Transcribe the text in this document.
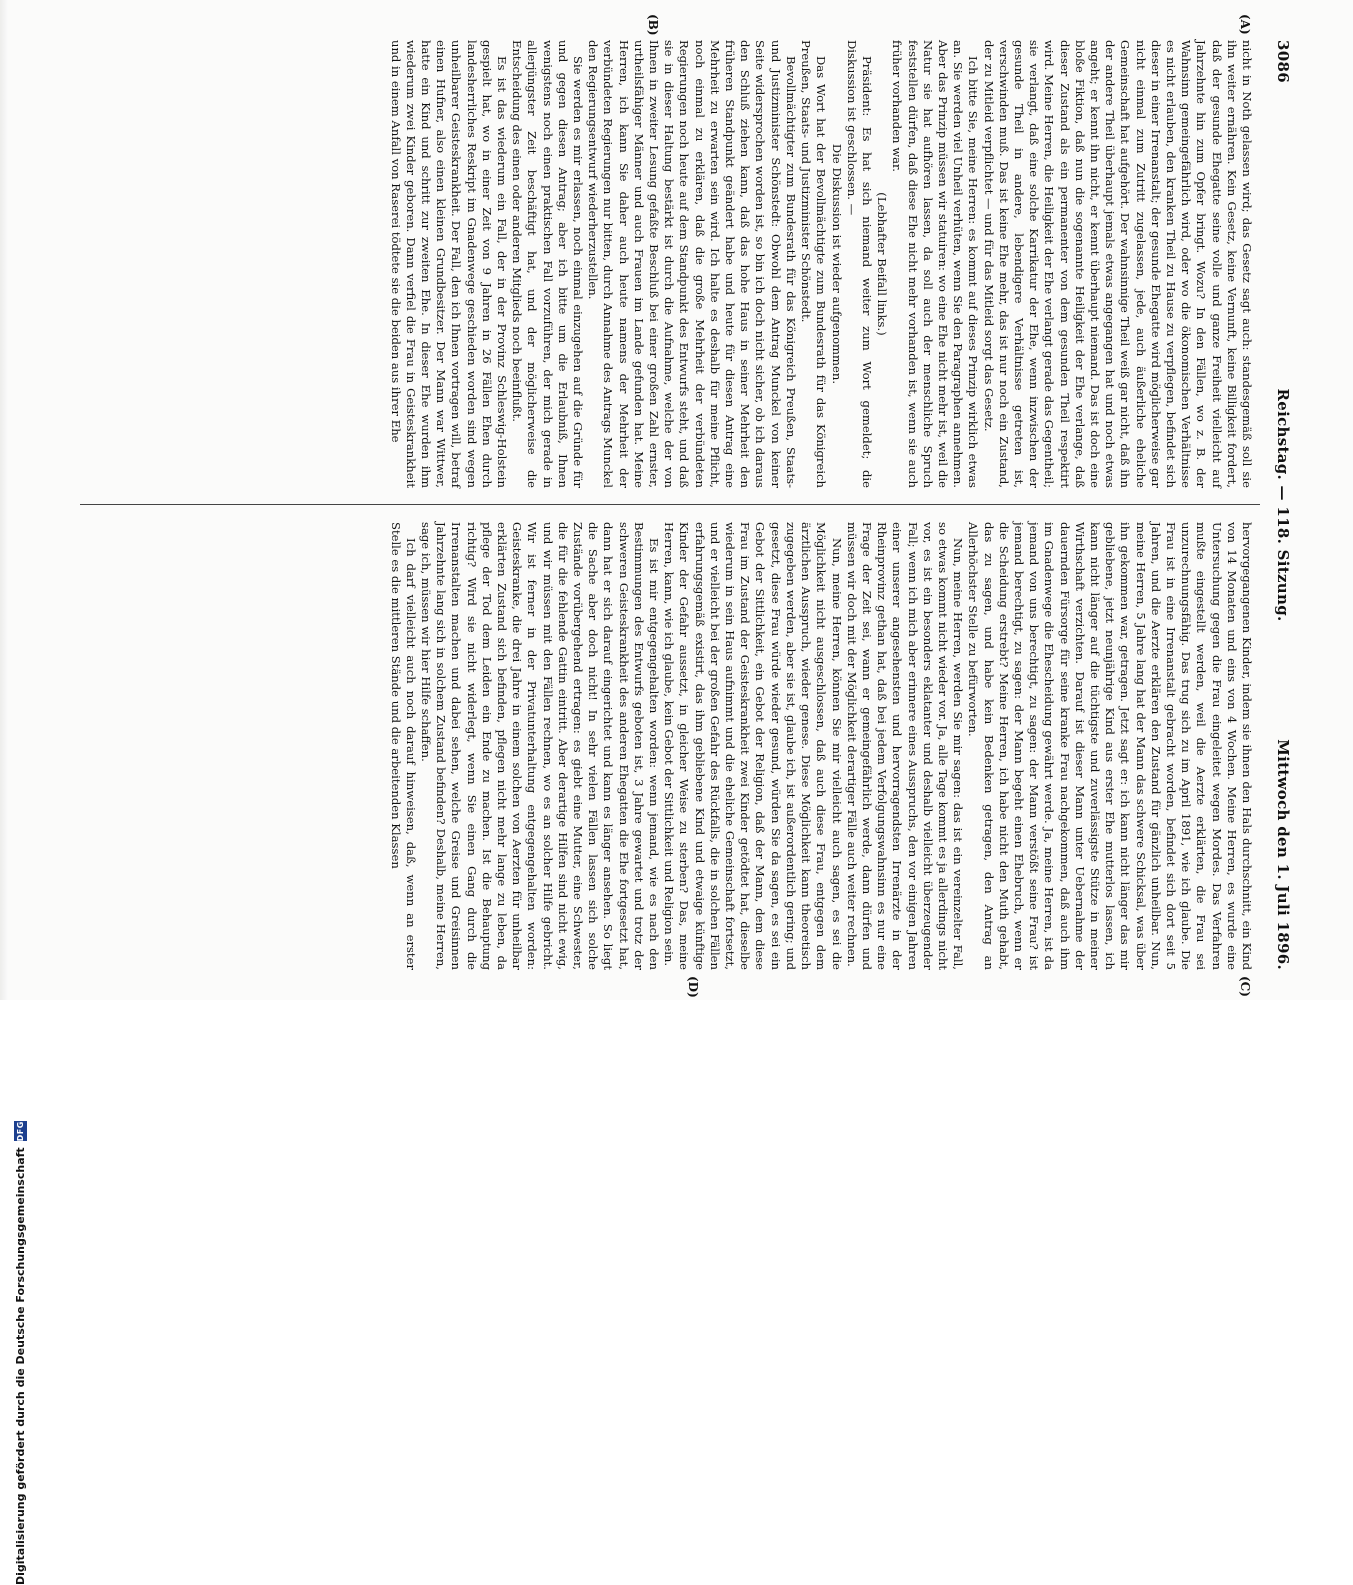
3086
Reichstag. — 118. Sitzung.
Mittwoch den 1. Juli 1896.
(A)
(B)
(C)
(D)

nicht in Noth gelassen wird; das Gesetz sagt auch: standesgemäß soll sie ihn weiter ernähren. Kein Gesetz, keine Vernunft, keine Billigkeit fordert, daß der gesunde Ehegatte seine volle und ganze Freiheit vielleicht auf Jahrzehnte hin zum Opfer bringt. Wozu? In den Fällen, wo z. B. der Wahnsinn gemeingefährlich wird, oder wo die ökonomischen Verhältnisse es nicht erlauben, den kranken Theil zu Hause zu verpflegen, befindet sich dieser in einer Irrenanstalt; der gesunde Ehegatte wird möglicherweise gar nicht einmal zum Zutritt zugelassen, jede, auch äußerliche eheliche Gemeinschaft hat aufgehört. Der wahnsinnige Theil weiß gar nicht, daß ihn der andere Theil überhaupt jemals etwas angegangen hat und noch etwas angeht; er kennt ihn nicht, er kennt überhaupt niemand. Das ist doch eine bloße Fiktion, daß nun die sogenannte Heiligkeit der Ehe verlange, daß dieser Zustand als ein permanenter von dem gesunden Theil respektirt wird. Meine Herren, die Heiligkeit der Ehe verlangt gerade das Gegentheil; sie verlangt, daß eine solche Karrikatur der Ehe, wenn inzwischen der gesunde Theil in andere, lebendigere Verhältnisse getreten ist, verschwinden muß. Das ist keine Ehe mehr, das ist nur noch ein Zustand, der zu Mitleid verpflichtet — und für das Mitleid sorgt das Gesetz.

Ich bitte Sie, meine Herren: es kommt auf dieses Prinzip wirklich etwas an. Sie werden viel Unheil verhüten, wenn Sie den Paragraphen annehmen. Aber das Prinzip müssen wir statuiren: wo eine Ehe nicht mehr ist, weil die Natur sie hat aufhören lassen, da soll auch der menschliche Spruch feststellen dürfen, daß diese Ehe nicht mehr vorhanden ist, wenn sie auch früher vorhanden war.

(Lebhafter Beifall links.)

Präsident: Es hat sich niemand weiter zum Wort gemeldet; die Diskussion ist geschlossen. —

Die Diskussion ist wieder aufgenommen.

Das Wort hat der Bevollmächtigte zum Bundesrath für das Königreich Preußen, Staats- und Justizminister Schönstedt.

Bevollmächtigter zum Bundesrath für das Königreich Preußen, Staats- und Justizminister Schönstedt: Obwohl dem Antrag Munckel von keiner Seite widersprochen worden ist, so bin ich doch nicht sicher, ob ich daraus den Schluß ziehen kann, daß das hohe Haus in seiner Mehrheit den früheren Standpunkt geändert habe und heute für diesen Antrag eine Mehrheit zu erwarten sein wird. Ich halte es deshalb für meine Pflicht, noch einmal zu erklären, daß die große Mehrheit der verbündeten Regierungen noch heute auf dem Standpunkt des Entwurfs steht, und daß sie in dieser Haltung bestärkt ist durch die Aufnahme, welche der von Ihnen in zweiter Lesung gefaßte Beschluß bei einer großen Zahl ernster, urtheilsfähiger Männer und auch Frauen im Lande gefunden hat. Meine Herren, ich kann Sie daher auch heute namens der Mehrheit der verbündeten Regierungen nur bitten, durch Annahme des Antrags Munckel den Regierungsentwurf wiederherzustellen.

Sie werden es mir erlassen, noch einmal einzugehen auf die Gründe für und gegen diesen Antrag; aber ich bitte um die Erlaubniß, Ihnen wenigstens noch einen praktischen Fall vorzuführen, der mich gerade in allerjüngster Zeit beschäftigt hat, und der möglicherweise die Entscheidung des einen oder anderen Mitglieds noch beeinflußt.

Es ist das wiederum ein Fall, der in der Provinz Schleswig-Holstein gespielt hat, wo in einer Zeit von 9 Jahren in 26 Fällen Ehen durch landesherrliches Reskript im Gnadenwege geschieden worden sind wegen unheilbarer Geisteskrankheit. Der Fall, den ich Ihnen vortragen will, betraf einen Hufner, also einen kleinen Grundbesitzer. Der Mann war Wittwer, hatte ein Kind und schritt zur zweiten Ehe. In dieser Ehe wurden ihm wiederum zwei Kinder geboren. Dann verfiel die Frau in Geisteskrankheit und in einem Anfall von Raserei tödtete sie die beiden aus ihrer Ehe

hervorgegangenen Kinder, indem sie ihnen den Hals durchschnitt, ein Kind von 14 Monaten und eins von 4 Wochen. Meine Herren, es wurde eine Untersuchung gegen die Frau eingeleitet wegen Mordes. Das Verfahren mußte eingestellt werden, weil die Aerzte erklärten, die Frau sei unzurechnungsfähig. Das trug sich zu im April 1891, wie ich glaube. Die Frau ist in eine Irrenanstalt gebracht worden, befindet sich dort seit 5 Jahren, und die Aerzte erklären den Zustand für gänzlich unheilbar. Nun, meine Herren, 5 Jahre lang hat der Mann das schwere Schicksal, was über ihn gekommen war, getragen. Jetzt sagt er: ich kann nicht länger das mir gebliebene, jetzt neunjährige Kind aus erster Ehe mutterlos lassen, ich kann nicht länger auf die tüchtigste und zuverlässigste Stütze in meiner Wirthschaft verzichten. Darauf ist dieser Mann unter Uebernahme der dauernden Fürsorge für seine kranke Frau nachgekommen, daß auch ihm im Gnadenwege die Ehescheidung gewährt werde. Ja, meine Herren, ist da jemand von uns berechtigt, zu sagen: der Mann verstößt seine Frau? ist jemand berechtigt, zu sagen: der Mann begeht einen Ehebruch, wenn er die Scheidung erstrebt? Meine Herren, ich habe nicht den Muth gehabt, das zu sagen, und habe kein Bedenken getragen, den Antrag an Allerhöchster Stelle zu befürworten.

Nun, meine Herren, werden Sie mir sagen: das ist ein vereinzelter Fall, so etwas kommt nicht wieder vor. Ja, alle Tage kommt es ja allerdings nicht vor, es ist ein besonders eklatanter und deshalb vielleicht überzeugender Fall; wenn ich mich aber erinnere eines Ausspruchs, den vor einigen Jahren einer unserer angesehensten und hervorragendsten Irrenärzte in der Rheinprovinz gethan hat, daß bei jedem Verfolgungswahnsinn es nur eine Frage der Zeit sei, wann er gemeingefährlich werde, dann dürfen und müssen wir doch mit der Möglichkeit derartiger Fälle auch weiter rechnen.

Nun, meine Herren, können Sie mir vielleicht auch sagen, es sei die Möglichkeit nicht ausgeschlossen, daß auch diese Frau, entgegen dem ärztlichen Ausspruch, wieder genese. Diese Möglichkeit kann theoretisch zugegeben werden, aber sie ist, glaube ich, ist außerordentlich gering; und gesetzt, diese Frau würde wieder gesund, würden Sie da sagen, es sei ein Gebot der Sittlichkeit, ein Gebot der Religion, daß der Mann, dem diese Frau im Zustand der Geisteskrankheit zwei Kinder getödtet hat, dieselbe wiederum in sein Haus aufnimmt und die eheliche Gemeinschaft fortsetzt, und er vielleicht bei der großen Gefahr des Rückfalls, die in solchen Fällen erfahrungsgemäß existirt, das ihm gebliebene Kind und etwaige künftige Kinder der Gefahr aussetzt, in gleicher Weise zu sterben? Das, meine Herren, kann, wie ich glaube, kein Gebot der Sittlichkeit und Religion sein.

Es ist mir entgegengehalten worden: wenn jemand, wie es nach den Bestimmungen des Entwurfs geboten ist, 3 Jahre gewartet und trotz der schweren Geisteskrankheit des anderen Ehegatten die Ehe fortgesetzt hat, dann hat er sich darauf eingerichtet und kann es länger ansehen. So liegt die Sache aber doch nicht! In sehr vielen Fällen lassen sich solche Zustände vorübergehend ertragen: es giebt eine Mutter, eine Schwester, die für die fehlende Gattin eintritt. Aber derartige Hilfen sind nicht ewig, und wir müssen mit den Fällen rechnen, wo es an solcher Hilfe gebricht. Wir ist ferner in der Privatunterhaltung entgegengehalten worden: Geisteskranke, die drei Jahre in einem solchen von Aerzten für unheilbar erklärten Zustand sich befinden, pflegen nicht mehr lange zu leben, da pflege der Tod dem Leiden ein Ende zu machen. Ist die Behauptung richtig? Wird sie nicht widerlegt, wenn Sie einen Gang durch die Irrenanstalten machen und dabei sehen, welche Greise und Greisinnen Jahrzehnte lang sich in solchem Zustand befinden? Deshalb, meine Herren, sage ich, müssen wir hier Hilfe schaffen.

Ich darf vielleicht auch noch darauf hinweisen, daß, wenn an erster Stelle es die mittleren Stände und die arbeitenden Klassen

Digitalisierung gefördert durch die Deutsche Forschungsgemeinschaft
DFG
